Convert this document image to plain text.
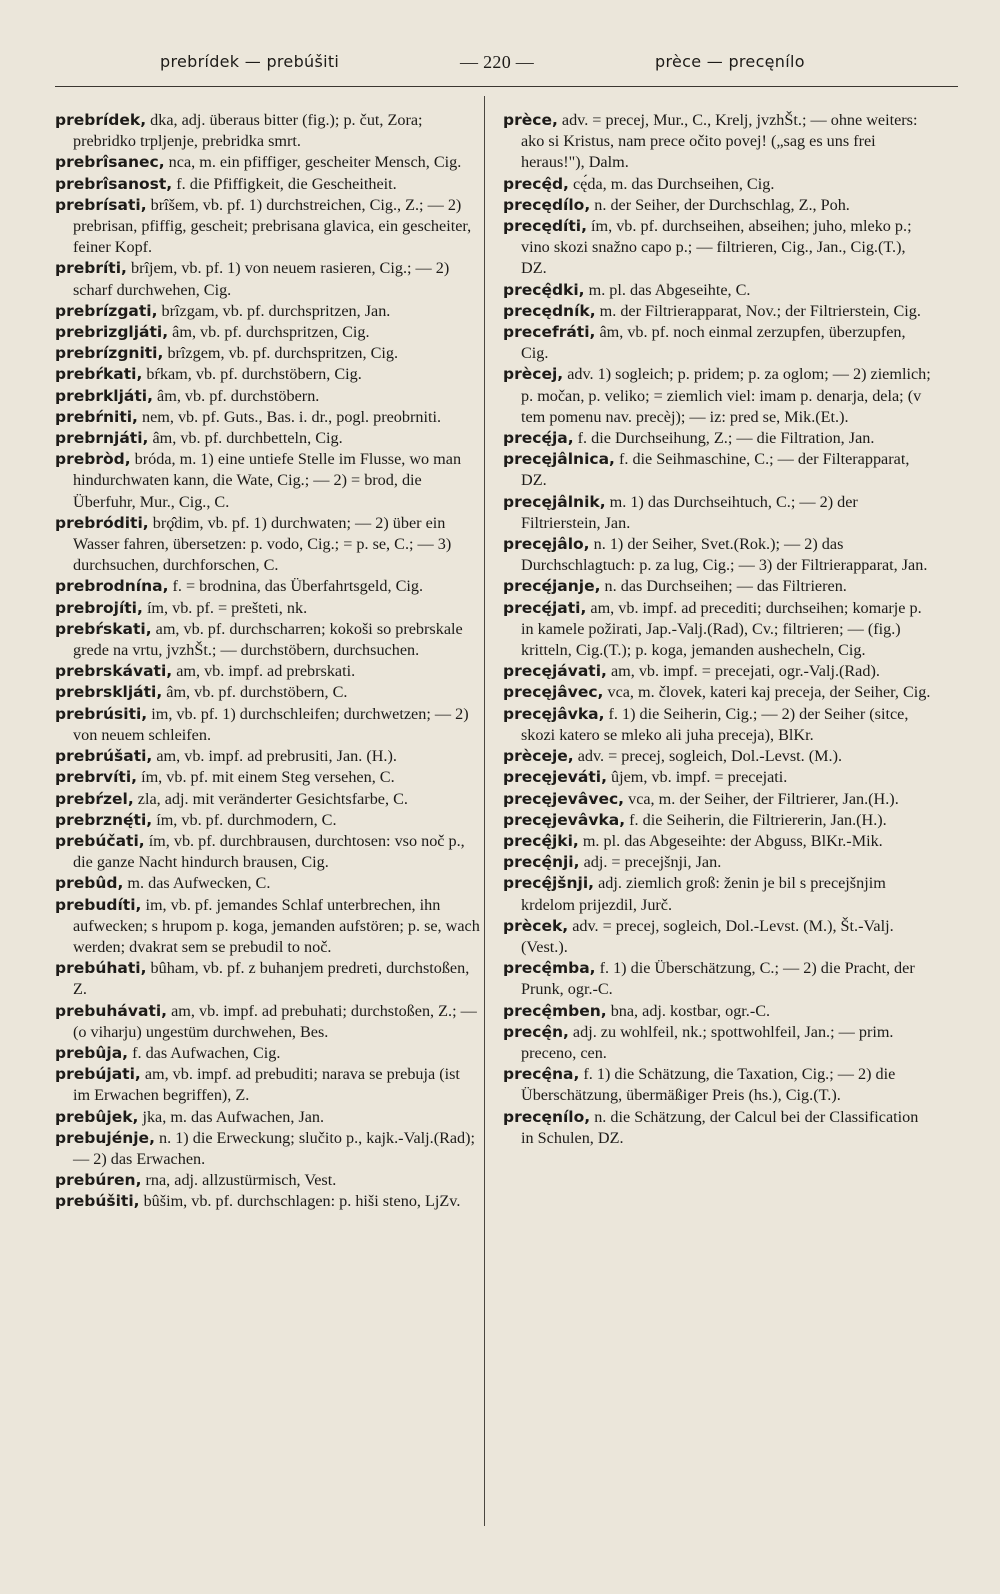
prebrídek — prebúšiti	— 220 —	prèce — precęnílo

prebrídek, dka, adj. überaus bitter (fig.); p. čut, Zora; prebridko trpljenje, prebridka smrt.

prebrîsanec, nca, m. ein pfiffiger, gescheiter Mensch, Cig.

prebrîsanost, f. die Pfiffigkeit, die Gescheitheit.

prebrísati, brîšem, vb. pf. 1) durchstreichen, Cig., Z.; — 2) prebrisan, pfiffig, gescheit; prebrisana glavica, ein gescheiter, feiner Kopf.

prebríti, brîjem, vb. pf. 1) von neuem rasieren, Cig.; — 2) scharf durchwehen, Cig.

prebrízgati, brîzgam, vb. pf. durchspritzen, Jan.

prebrizgljáti, âm, vb. pf. durchspritzen, Cig.

prebrízgniti, brîzgem, vb. pf. durchspritzen, Cig.

prebŕkati, bŕkam, vb. pf. durchstöbern, Cig.

prebrkljáti, âm, vb. pf. durchstöbern.

prebŕniti, nem, vb. pf. Guts., Bas. i. dr., pogl. preobrniti.

prebrnjáti, âm, vb. pf. durchbetteln, Cig.

prebròd, bróda, m. 1) eine untiefe Stelle im Flusse, wo man hindurchwaten kann, die Wate, Cig.; — 2) = brod, die Überfuhr, Mur., Cig., C.

prebróditi, brǫ̂dim, vb. pf. 1) durchwaten; — 2) über ein Wasser fahren, übersetzen: p. vodo, Cig.; = p. se, C.; — 3) durchsuchen, durchforschen, C.

prebrodnína, f. = brodnina, das Überfahrtsgeld, Cig.

prebrojíti, ím, vb. pf. = prešteti, nk.

prebŕskati, am, vb. pf. durchscharren; kokoši so prebrskale grede na vrtu, jvzhŠt.; — durchstöbern, durchsuchen.

prebrskávati, am, vb. impf. ad prebrskati.

prebrskljáti, âm, vb. pf. durchstöbern, C.

prebrúsiti, im, vb. pf. 1) durchschleifen; durchwetzen; — 2) von neuem schleifen.

prebrúšati, am, vb. impf. ad prebrusiti, Jan. (H.).

prebrvíti, ím, vb. pf. mit einem Steg versehen, C.

prebŕzel, zla, adj. mit veränderter Gesichtsfarbe, C.

prebrznę́ti, ím, vb. pf. durchmodern, C.

prebúčati, ím, vb. pf. durchbrausen, durchtosen: vso noč p., die ganze Nacht hindurch brausen, Cig.

prebûd, m. das Aufwecken, C.

prebudíti, im, vb. pf. jemandes Schlaf unterbrechen, ihn aufwecken; s hrupom p. koga, jemanden aufstören; p. se, wach werden; dvakrat sem se prebudil to noč.

prebúhati, bûham, vb. pf. z buhanjem predreti, durchstoßen, Z.

prebuhávati, am, vb. impf. ad prebuhati; durchstoßen, Z.; — (o viharju) ungestüm durchwehen, Bes.

prebûja, f. das Aufwachen, Cig.

prebújati, am, vb. impf. ad prebuditi; narava se prebuja (ist im Erwachen begriffen), Z.

prebûjek, jka, m. das Aufwachen, Jan.

prebujénje, n. 1) die Erweckung; slučito p., kajk.-Valj.(Rad); — 2) das Erwachen.

prebúren, rna, adj. allzustürmisch, Vest.

prebúšiti, bûšim, vb. pf. durchschlagen: p. hiši steno, LjZv.

prèce, adv. = precej, Mur., C., Krelj, jvzhŠt.; — ohne weiters: ako si Kristus, nam prece očito povej! („sag es uns frei heraus!"), Dalm.

precę̂d, cę́da, m. das Durchseihen, Cig.

precędílo, n. der Seiher, der Durchschlag, Z., Poh.

precędíti, ím, vb. pf. durchseihen, abseihen; juho, mleko p.; vino skozi snažno capo p.; — filtrieren, Cig., Jan., Cig.(T.), DZ.

precę̂dki, m. pl. das Abgeseihte, C.

precędník, m. der Filtrierapparat, Nov.; der Filtrierstein, Cig.

precefráti, âm, vb. pf. noch einmal zerzupfen, überzupfen, Cig.

prècej, adv. 1) sogleich; p. pridem; p. za oglom; — 2) ziemlich; p. močan, p. veliko; = ziemlich viel: imam p. denarja, dela; (v tem pomenu nav. precèj); — iz: pred se, Mik.(Et.).

precę́ja, f. die Durchseihung, Z.; — die Filtration, Jan.

precęjâlnica, f. die Seihmaschine, C.; — der Filterapparat, DZ.

precęjâlnik, m. 1) das Durchseihtuch, C.; — 2) der Filtrierstein, Jan.

precęjâlo, n. 1) der Seiher, Svet.(Rok.); — 2) das Durchschlagtuch: p. za lug, Cig.; — 3) der Filtrierapparat, Jan.

precę́janje, n. das Durchseihen; — das Filtrieren.

precę́jati, am, vb. impf. ad precediti; durchseihen; komarje p. in kamele požirati, Jap.-Valj.(Rad), Cv.; filtrieren; — (fig.) kritteln, Cig.(T.); p. koga, jemanden aushecheln, Cig.

precęjávati, am, vb. impf. = precejati, ogr.-Valj.(Rad).

precęjâvec, vca, m. človek, kateri kaj preceja, der Seiher, Cig.

precęjâvka, f. 1) die Seiherin, Cig.; — 2) der Seiher (sitce, skozi katero se mleko ali juha preceja), BlKr.

prèceje, adv. = precej, sogleich, Dol.-Levst. (M.).

precęjeváti, ûjem, vb. impf. = precejati.

precęjevâvec, vca, m. der Seiher, der Filtrierer, Jan.(H.).

precęjevâvka, f. die Seiherin, die Filtriererin, Jan.(H.).

precę̂jki, m. pl. das Abgeseihte: der Abguss, BlKr.-Mik.

precę̂nji, adj. = precejšnji, Jan.

precę̂jšnji, adj. ziemlich groß: ženin je bil s precejšnjim krdelom prijezdil, Jurč.

prècek, adv. = precej, sogleich, Dol.-Levst. (M.), Št.-Valj.(Vest.).

precę̂mba, f. 1) die Überschätzung, C.; — 2) die Pracht, der Prunk, ogr.-C.

precę̂mben, bna, adj. kostbar, ogr.-C.

precę̂n, adj. zu wohlfeil, nk.; spottwohlfeil, Jan.; — prim. preceno, cen.

precę̂na, f. 1) die Schätzung, die Taxation, Cig.; — 2) die Überschätzung, übermäßiger Preis (hs.), Cig.(T.).

precęnílo, n. die Schätzung, der Calcul bei der Classification in Schulen, DZ.
